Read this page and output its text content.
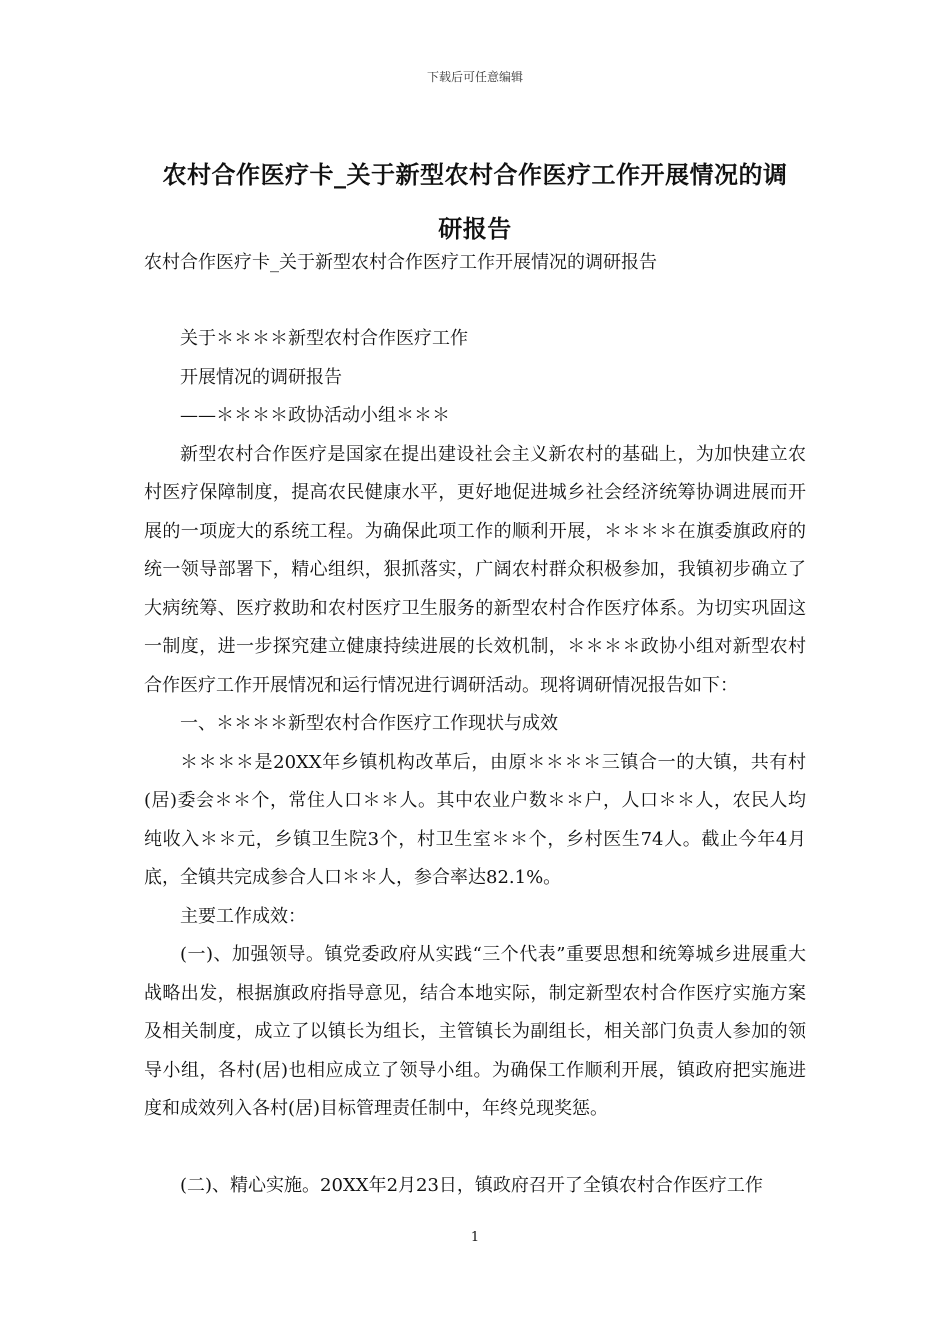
下载后可任意编辑
农村合作医疗卡_关于新型农村合作医疗工作开展情况的调
研报告
农村合作医疗卡_关于新型农村合作医疗工作开展情况的调研报告

关于＊＊＊＊新型农村合作医疗工作

开展情况的调研报告

——＊＊＊＊政协活动小组＊＊＊

新型农村合作医疗是国家在提出建设社会主义新农村的基础上，为加快建立农村医疗保障制度，提高农民健康水平，更好地促进城乡社会经济统筹协调进展而开展的一项庞大的系统工程。为确保此项工作的顺利开展，＊＊＊＊在旗委旗政府的统一领导部署下，精心组织，狠抓落实，广阔农村群众积极参加，我镇初步确立了大病统筹、医疗救助和农村医疗卫生服务的新型农村合作医疗体系。为切实巩固这一制度，进一步探究建立健康持续进展的长效机制，＊＊＊＊政协小组对新型农村合作医疗工作开展情况和运行情况进行调研活动。现将调研情况报告如下：

一、＊＊＊＊新型农村合作医疗工作现状与成效

＊＊＊＊是20XX年乡镇机构改革后，由原＊＊＊＊三镇合一的大镇，共有村(居)委会＊＊个，常住人口＊＊人。其中农业户数＊＊户，人口＊＊人，农民人均纯收入＊＊元，乡镇卫生院3个，村卫生室＊＊个，乡村医生74人。截止今年4月底，全镇共完成参合人口＊＊人，参合率达82.1%。

主要工作成效：

(一)、加强领导。镇党委政府从实践“三个代表”重要思想和统筹城乡进展重大战略出发，根据旗政府指导意见，结合本地实际，制定新型农村合作医疗实施方案及相关制度，成立了以镇长为组长，主管镇长为副组长，相关部门负责人参加的领导小组，各村(居)也相应成立了领导小组。为确保工作顺利开展，镇政府把实施进度和成效列入各村(居)目标管理责任制中，年终兑现奖惩。

(二)、精心实施。20XX年2月23日，镇政府召开了全镇农村合作医疗工作

1
